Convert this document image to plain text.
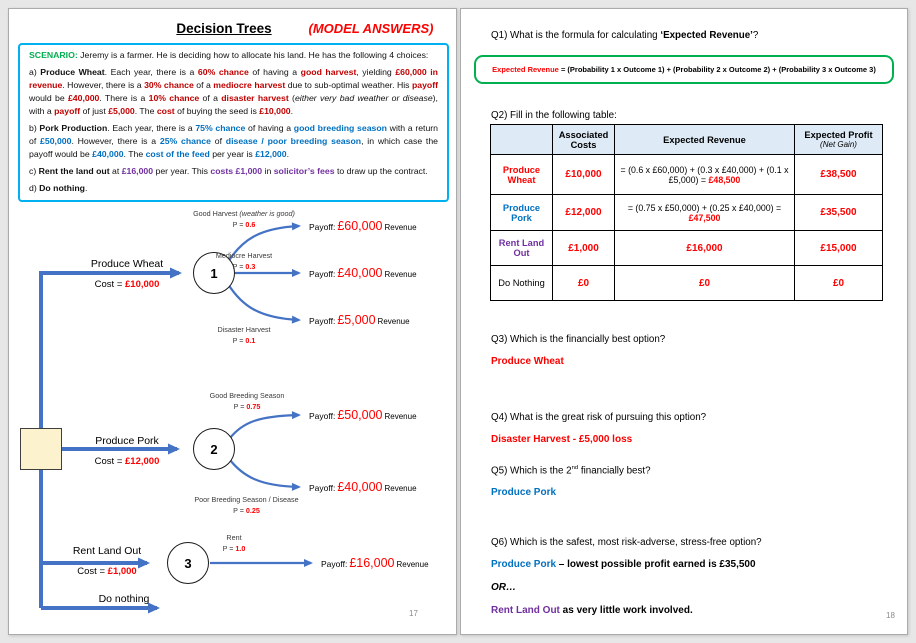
Decision Trees	(MODEL ANSWERS)

SCENARIO: Jeremy is a farmer. He is deciding how to allocate his land. He has the following 4 choices:

a) Produce Wheat. Each year, there is a 60% chance of having a good harvest, yielding £60,000 in revenue. However, there is a 30% chance of a mediocre harvest due to sub-optimal weather. His payoff would be £40,000. There is a 10% chance of a disaster harvest (either very bad weather or disease), with a payoff of just £5,000. The cost of buying the seed is £10,000.

b) Pork Production. Each year, there is a 75% chance of having a good breeding season with a return of £50,000. However, there is a 25% chance of disease / poor breeding season, in which case the payoff would be £40,000. The cost of the feed per year is £12,000.

c) Rent the land out at £16,000 per year. This costs £1,000 in solicitor’s fees to draw up the contract.

d) Do nothing.

1
2
3
Produce Wheat
Cost = £10,000
Produce Pork
Cost = £12,000
Rent Land Out
Cost = £1,000
Do nothing
Good Harvest (weather is good)
P = 0.6
Mediocre Harvest
P = 0.3
Disaster Harvest
P = 0.1
Good Breeding Season
P = 0.75
Poor Breeding Season / Disease
P = 0.25
Rent
P = 1.0
Payoff: £60,000 Revenue
Payoff: £40,000 Revenue
Payoff: £5,000 Revenue
Payoff: £50,000 Revenue
Payoff: £40,000 Revenue
Payoff: £16,000 Revenue
17
Q1) What is the formula for calculating ‘Expected Revenue’?
Expected Revenue = (Probability 1 x Outcome 1) + (Probability 2 x Outcome 2) + (Probability 3 x Outcome 3)
Q2) Fill in the following table:
	Associated Costs	Expected Revenue	Expected Profit
(Net Gain)

Produce Wheat	£10,000	= (0.6 x £60,000) + (0.3 x £40,000) + (0.1 x £5,000) = £48,500	£38,500
Produce Pork	£12,000	= (0.75 x £50,000) + (0.25 x £40,000) = £47,500	£35,500
Rent Land Out	£1,000	£16,000	£15,000
Do Nothing	£0	£0	£0
Q3) Which is the financially best option?
Produce Wheat
Q4) What is the great risk of pursuing this option?
Disaster Harvest - £5,000 loss
Q5) Which is the 2nd financially best?
Produce Pork
Q6) Which is the safest, most risk-adverse, stress-free option?
Produce Pork – lowest possible profit earned is £35,500
OR…
Rent Land Out as very little work involved.	18
